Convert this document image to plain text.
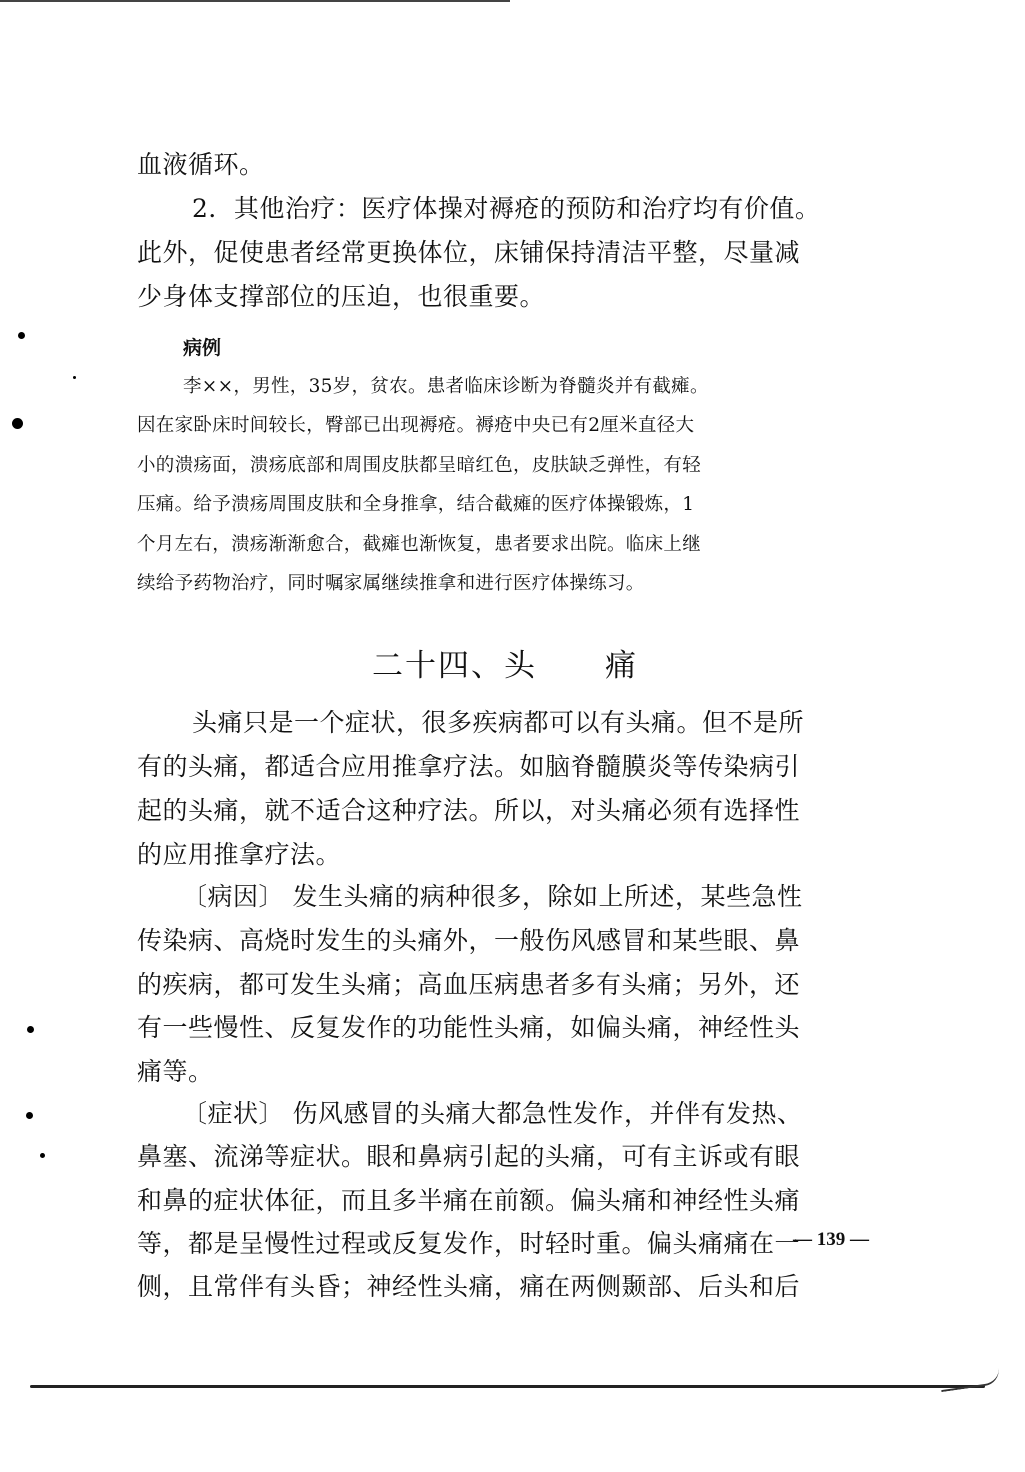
血液循环。
2．其他治疗：医疗体操对褥疮的预防和治疗均有价值。
此外，促使患者经常更换体位，床铺保持清洁平整，尽量减
少身体支撑部位的压迫，也很重要。
病例
李××，男性，35岁，贫农。患者临床诊断为脊髓炎并有截瘫。
因在家卧床时间较长，臀部已出现褥疮。褥疮中央已有2厘米直径大
小的溃疡面，溃疡底部和周围皮肤都呈暗红色，皮肤缺乏弹性，有轻
压痛。给予溃疡周围皮肤和全身推拿，结合截瘫的医疗体操锻炼，1
个月左右，溃疡渐渐愈合，截瘫也渐恢复，患者要求出院。临床上继
续给予药物治疗，同时嘱家属继续推拿和进行医疗体操练习。
二十四、头 痛
头痛只是一个症状，很多疾病都可以有头痛。但不是所
有的头痛，都适合应用推拿疗法。如脑脊髓膜炎等传染病引
起的头痛，就不适合这种疗法。所以，对头痛必须有选择性
的应用推拿疗法。
〔病因〕 发生头痛的病种很多，除如上所述，某些急性
传染病、高烧时发生的头痛外，一般伤风感冒和某些眼、鼻
的疾病，都可发生头痛；高血压病患者多有头痛；另外，还
有一些慢性、反复发作的功能性头痛，如偏头痛，神经性头
痛等。
〔症状〕 伤风感冒的头痛大都急性发作，并伴有发热、
鼻塞、流涕等症状。眼和鼻病引起的头痛，可有主诉或有眼
和鼻的症状体征，而且多半痛在前额。偏头痛和神经性头痛
等，都是呈慢性过程或反复发作，时轻时重。偏头痛痛在一
侧，且常伴有头昏；神经性头痛，痛在两侧颞部、后头和后
— 139 —
